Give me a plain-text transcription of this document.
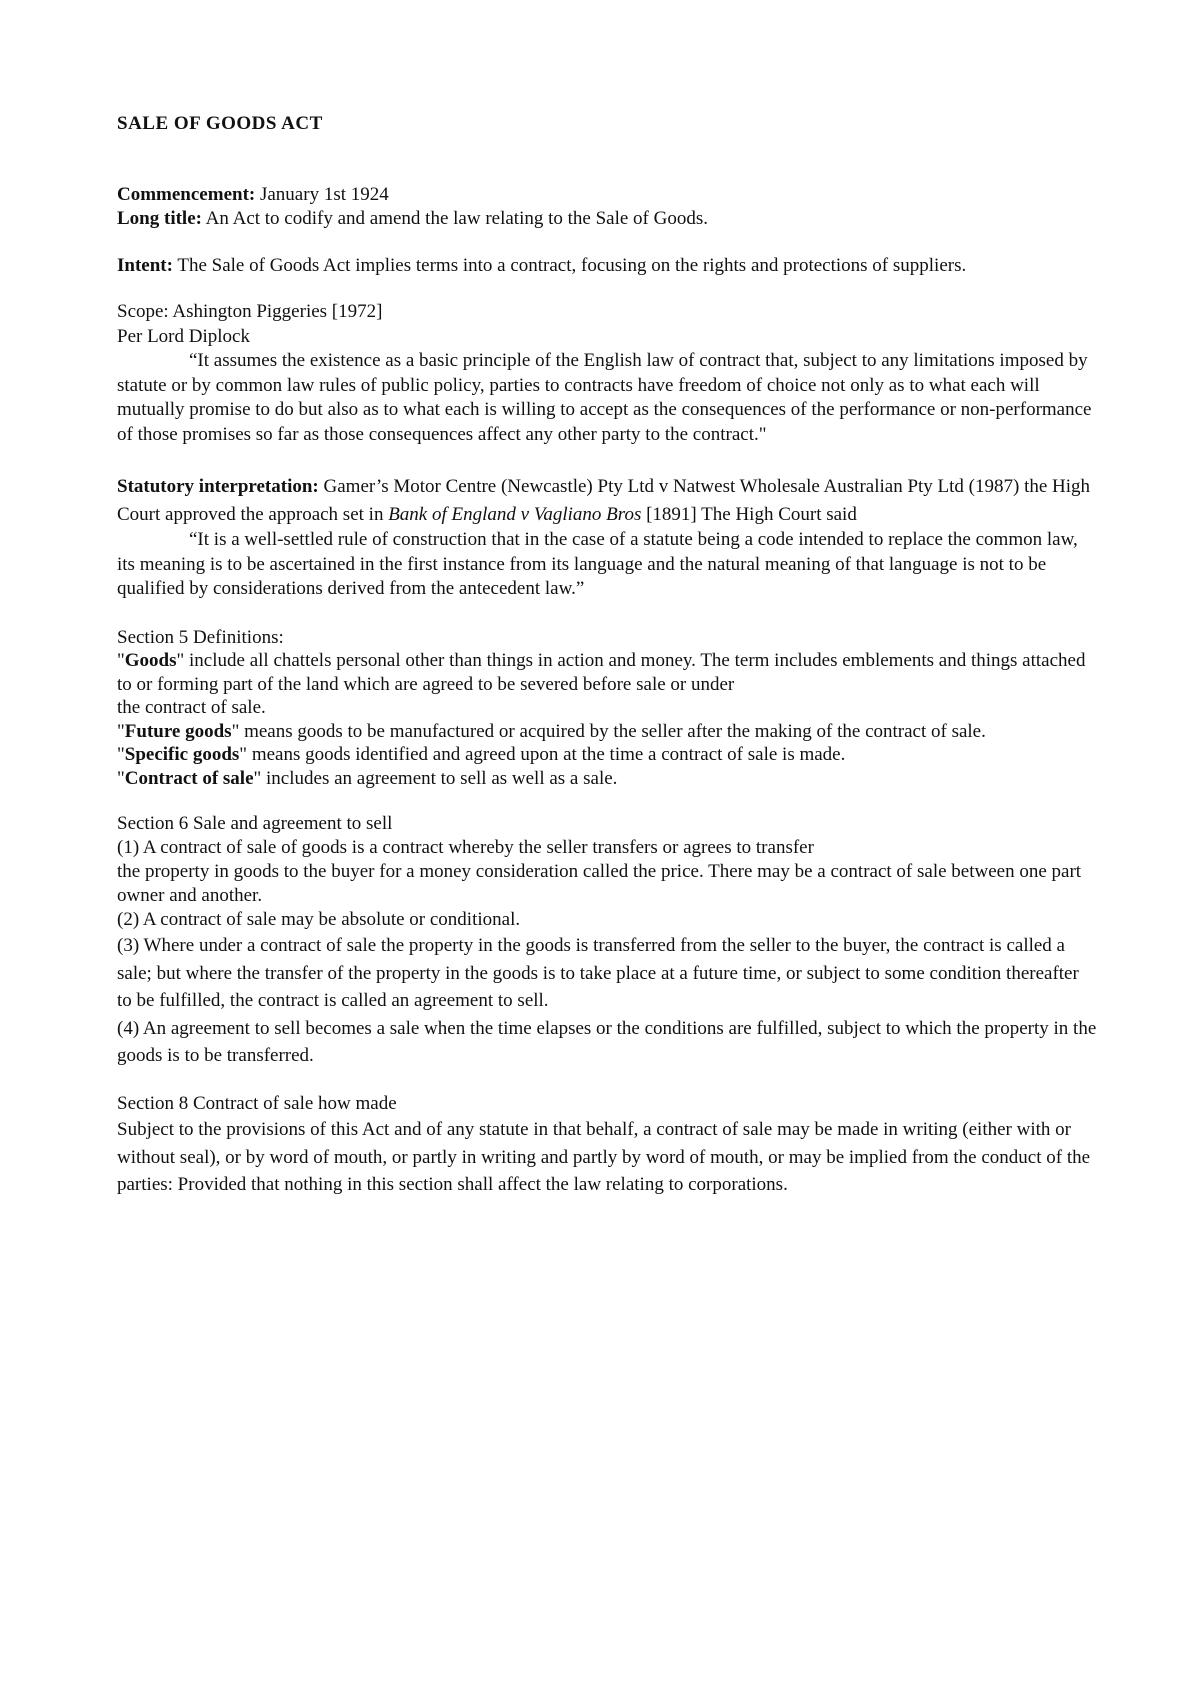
SALE OF GOODS ACT
Commencement: January 1st 1924
Long title: An Act to codify and amend the law relating to the Sale of Goods.
Intent: The Sale of Goods Act implies terms into a contract, focusing on the rights and protections of suppliers.
Scope: Ashington Piggeries [1972]
Per Lord Diplock
“It assumes the existence as a basic principle of the English law of contract that, subject to any limitations imposed by statute or by common law rules of public policy, parties to contracts have freedom of choice not only as to what each will mutually promise to do but also as to what each is willing to accept as the consequences of the performance or non-performance of those promises so far as those consequences affect any other party to the contract."
Statutory interpretation: Gamer’s Motor Centre (Newcastle) Pty Ltd v Natwest Wholesale Australian Pty Ltd (1987) the High Court approved the approach set in Bank of England v Vagliano Bros [1891] The High Court said
“It is a well-settled rule of construction that in the case of a statute being a code intended to replace the common law, its meaning is to be ascertained in the first instance from its language and the natural meaning of that language is not to be qualified by considerations derived from the antecedent law.”
Section 5 Definitions:
"Goods" include all chattels personal other than things in action and money. The term includes emblements and things attached to or forming part of the land which are agreed to be severed before sale or under
the contract of sale.
"Future goods" means goods to be manufactured or acquired by the seller after the making of the contract of sale.
"Specific goods" means goods identified and agreed upon at the time a contract of sale is made.
"Contract of sale" includes an agreement to sell as well as a sale.
Section 6 Sale and agreement to sell
(1) A contract of sale of goods is a contract whereby the seller transfers or agrees to transfer
the property in goods to the buyer for a money consideration called the price. There may be a contract of sale between one part owner and another.
(2) A contract of sale may be absolute or conditional.
(3) Where under a contract of sale the property in the goods is transferred from the seller to the buyer, the contract is called a sale; but where the transfer of the property in the goods is to take place at a future time, or subject to some condition thereafter to be fulfilled, the contract is called an agreement to sell.
(4) An agreement to sell becomes a sale when the time elapses or the conditions are fulfilled, subject to which the property in the goods is to be transferred.
Section 8 Contract of sale how made
Subject to the provisions of this Act and of any statute in that behalf, a contract of sale may be made in writing (either with or without seal), or by word of mouth, or partly in writing and partly by word of mouth, or may be implied from the conduct of the parties: Provided that nothing in this section shall affect the law relating to corporations.
